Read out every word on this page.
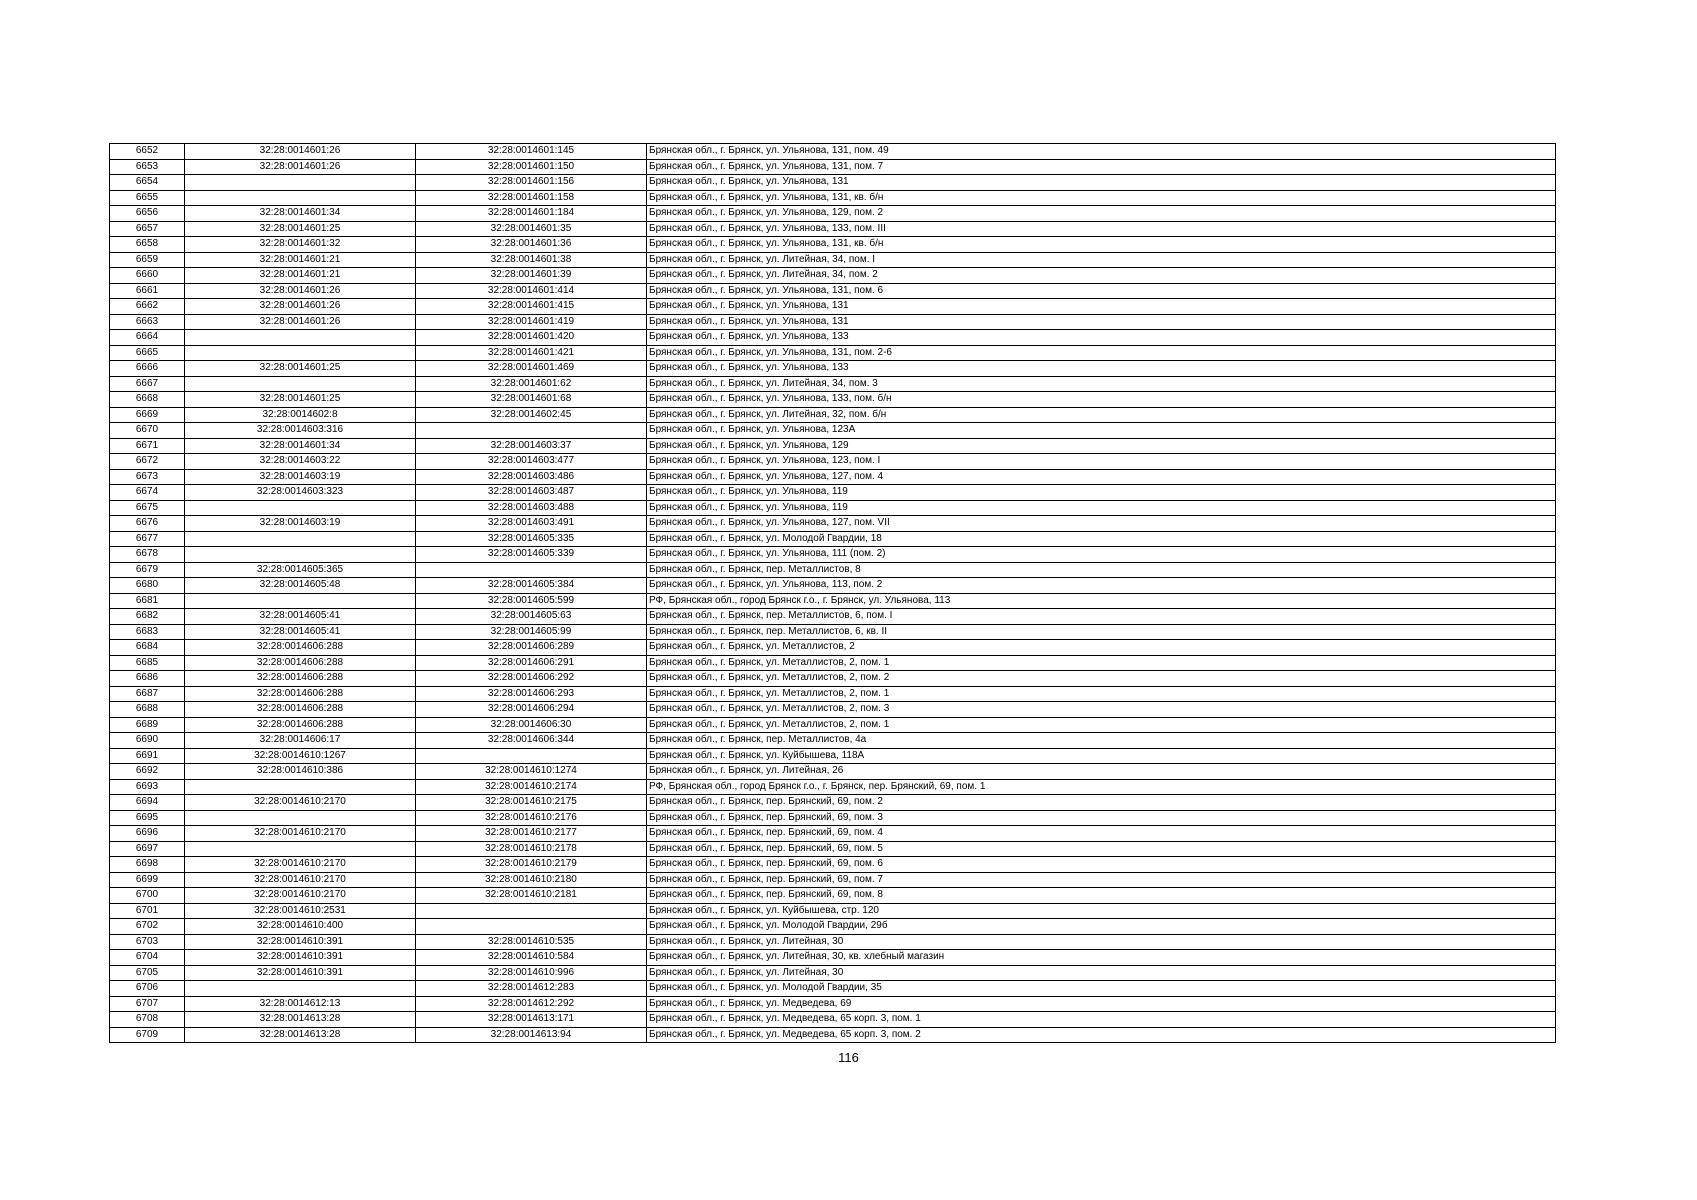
6652	32:28:0014601:26	32:28:0014601:145	Брянская обл., г. Брянск, ул. Ульянова, 131, пом. 49
6653	32:28:0014601:26	32:28:0014601:150	Брянская обл., г. Брянск, ул. Ульянова, 131, пом. 7
6654		32:28:0014601:156	Брянская обл., г. Брянск, ул. Ульянова, 131
6655		32:28:0014601:158	Брянская обл., г. Брянск, ул. Ульянова, 131, кв. б/н
6656	32:28:0014601:34	32:28:0014601:184	Брянская обл., г. Брянск, ул. Ульянова, 129, пом. 2
6657	32:28:0014601:25	32:28:0014601:35	Брянская обл., г. Брянск, ул. Ульянова, 133, пом. III
6658	32:28:0014601:32	32:28:0014601:36	Брянская обл., г. Брянск, ул. Ульянова, 131, кв. б/н
6659	32:28:0014601:21	32:28:0014601:38	Брянская обл., г. Брянск, ул. Литейная, 34, пом. I
6660	32:28:0014601:21	32:28:0014601:39	Брянская обл., г. Брянск, ул. Литейная, 34, пом. 2
6661	32:28:0014601:26	32:28:0014601:414	Брянская обл., г. Брянск, ул. Ульянова, 131, пом. 6
6662	32:28:0014601:26	32:28:0014601:415	Брянская обл., г. Брянск, ул. Ульянова, 131
6663	32:28:0014601:26	32:28:0014601:419	Брянская обл., г. Брянск, ул. Ульянова, 131
6664		32:28:0014601:420	Брянская обл., г. Брянск, ул. Ульянова, 133
6665		32:28:0014601:421	Брянская обл., г. Брянск, ул. Ульянова, 131, пом. 2-6
6666	32:28:0014601:25	32:28:0014601:469	Брянская обл., г. Брянск, ул. Ульянова, 133
6667		32:28:0014601:62	Брянская обл., г. Брянск, ул. Литейная, 34, пом. 3
6668	32:28:0014601:25	32:28:0014601:68	Брянская обл., г. Брянск, ул. Ульянова, 133, пом. б/н
6669	32:28:0014602:8	32:28:0014602:45	Брянская обл., г. Брянск, ул. Литейная, 32, пом. б/н
6670	32:28:0014603:316		Брянская обл., г. Брянск, ул. Ульянова, 123А
6671	32:28:0014601:34	32:28:0014603:37	Брянская обл., г. Брянск, ул. Ульянова, 129
6672	32:28:0014603:22	32:28:0014603:477	Брянская обл., г. Брянск, ул. Ульянова, 123, пом. I
6673	32:28:0014603:19	32:28:0014603:486	Брянская обл., г. Брянск, ул. Ульянова, 127, пом. 4
6674	32:28:0014603:323	32:28:0014603:487	Брянская обл., г. Брянск, ул. Ульянова, 119
6675		32:28:0014603:488	Брянская обл., г. Брянск, ул. Ульянова, 119
6676	32:28:0014603:19	32:28:0014603:491	Брянская обл., г. Брянск, ул. Ульянова, 127, пом. VII
6677		32:28:0014605:335	Брянская обл., г. Брянск, ул. Молодой Гвардии, 18
6678		32:28:0014605:339	Брянская обл., г. Брянск, ул. Ульянова, 111 (пом. 2)
6679	32:28:0014605:365		Брянская обл., г. Брянск, пер. Металлистов, 8
6680	32:28:0014605:48	32:28:0014605:384	Брянская обл., г. Брянск, ул. Ульянова, 113, пом. 2
6681		32:28:0014605:599	РФ, Брянская обл., город Брянск г.о., г. Брянск, ул. Ульянова, 113
6682	32:28:0014605:41	32:28:0014605:63	Брянская обл., г. Брянск, пер. Металлистов, 6, пом. I
6683	32:28:0014605:41	32:28:0014605:99	Брянская обл., г. Брянск, пер. Металлистов, 6, кв. II
6684	32:28:0014606:288	32:28:0014606:289	Брянская обл., г. Брянск, ул. Металлистов, 2
6685	32:28:0014606:288	32:28:0014606:291	Брянская обл., г. Брянск, ул. Металлистов, 2, пом. 1
6686	32:28:0014606:288	32:28:0014606:292	Брянская обл., г. Брянск, ул. Металлистов, 2, пом. 2
6687	32:28:0014606:288	32:28:0014606:293	Брянская обл., г. Брянск, ул. Металлистов, 2, пом. 1
6688	32:28:0014606:288	32:28:0014606:294	Брянская обл., г. Брянск, ул. Металлистов, 2, пом. 3
6689	32:28:0014606:288	32:28:0014606:30	Брянская обл., г. Брянск, ул. Металлистов, 2, пом. 1
6690	32:28:0014606:17	32:28:0014606:344	Брянская обл., г. Брянск, пер. Металлистов, 4а
6691	32:28:0014610:1267		Брянская обл., г. Брянск, ул. Куйбышева, 118А
6692	32:28:0014610:386	32:28:0014610:1274	Брянская обл., г. Брянск, ул. Литейная, 26
6693		32:28:0014610:2174	РФ, Брянская обл., город Брянск г.о., г. Брянск, пер. Брянский, 69, пом. 1
6694	32:28:0014610:2170	32:28:0014610:2175	Брянская обл., г. Брянск, пер. Брянский, 69, пом. 2
6695		32:28:0014610:2176	Брянская обл., г. Брянск, пер. Брянский, 69, пом. 3
6696	32:28:0014610:2170	32:28:0014610:2177	Брянская обл., г. Брянск, пер. Брянский, 69, пом. 4
6697		32:28:0014610:2178	Брянская обл., г. Брянск, пер. Брянский, 69, пом. 5
6698	32:28:0014610:2170	32:28:0014610:2179	Брянская обл., г. Брянск, пер. Брянский, 69, пом. 6
6699	32:28:0014610:2170	32:28:0014610:2180	Брянская обл., г. Брянск, пер. Брянский, 69, пом. 7
6700	32:28:0014610:2170	32:28:0014610:2181	Брянская обл., г. Брянск, пер. Брянский, 69, пом. 8
6701	32:28:0014610:2531		Брянская обл., г. Брянск, ул. Куйбышева, стр. 120
6702	32:28:0014610:400		Брянская обл., г. Брянск, ул. Молодой Гвардии, 29б
6703	32:28:0014610:391	32:28:0014610:535	Брянская обл., г. Брянск, ул. Литейная, 30
6704	32:28:0014610:391	32:28:0014610:584	Брянская обл., г. Брянск, ул. Литейная, 30, кв. хлебный магазин
6705	32:28:0014610:391	32:28:0014610:996	Брянская обл., г. Брянск, ул. Литейная, 30
6706		32:28:0014612:283	Брянская обл., г. Брянск, ул. Молодой Гвардии, 35
6707	32:28:0014612:13	32:28:0014612:292	Брянская обл., г. Брянск, ул. Медведева, 69
6708	32:28:0014613:28	32:28:0014613:171	Брянская обл., г. Брянск, ул. Медведева, 65 корп. 3, пом. 1
6709	32:28:0014613:28	32:28:0014613:94	Брянская обл., г. Брянск, ул. Медведева, 65 корп. 3, пом. 2
116
